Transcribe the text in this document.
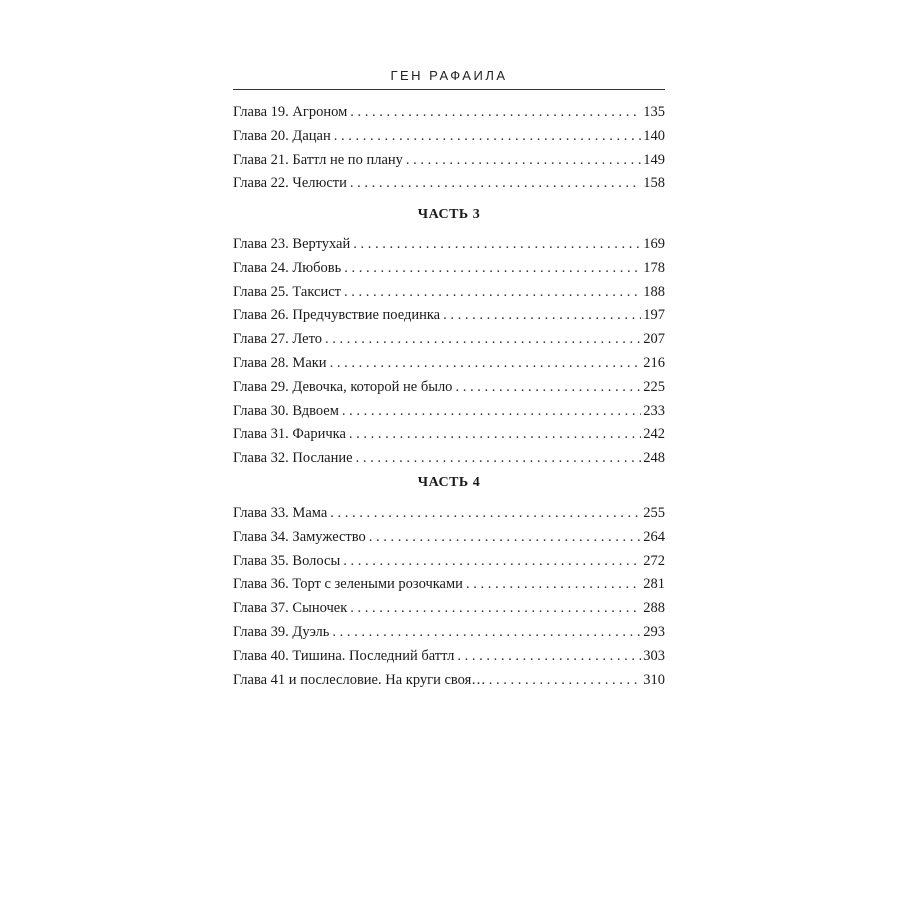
ГЕН РАФАИЛА
Глава 19. Агроном . . .	135
Глава 20. Дацан . . .	140
Глава 21. Баттл не по плану . . .	149
Глава 22. Челюсти . . .	158
ЧАСТЬ 3
Глава 23. Вертухай . . .	169
Глава 24. Любовь . . .	178
Глава 25. Таксист . . .	188
Глава 26. Предчувствие поединка . . .	197
Глава 27. Лето . . .	207
Глава 28. Маки . . .	216
Глава 29. Девочка, которой не было . . .	225
Глава 30. Вдвоем . . .	233
Глава 31. Фаричка . . .	242
Глава 32. Послание . . .	248
ЧАСТЬ 4
Глава 33. Мама . . .	255
Глава 34. Замужество . . .	264
Глава 35. Волосы . . .	272
Глава 36. Торт с зелеными розочками . . .	281
Глава 37. Сыночек . . .	288
Глава 39. Дуэль . . .	293
Глава 40. Тишина. Последний баттл . . .	303
Глава 41 и послесловие. На круги своя… . . .	310
